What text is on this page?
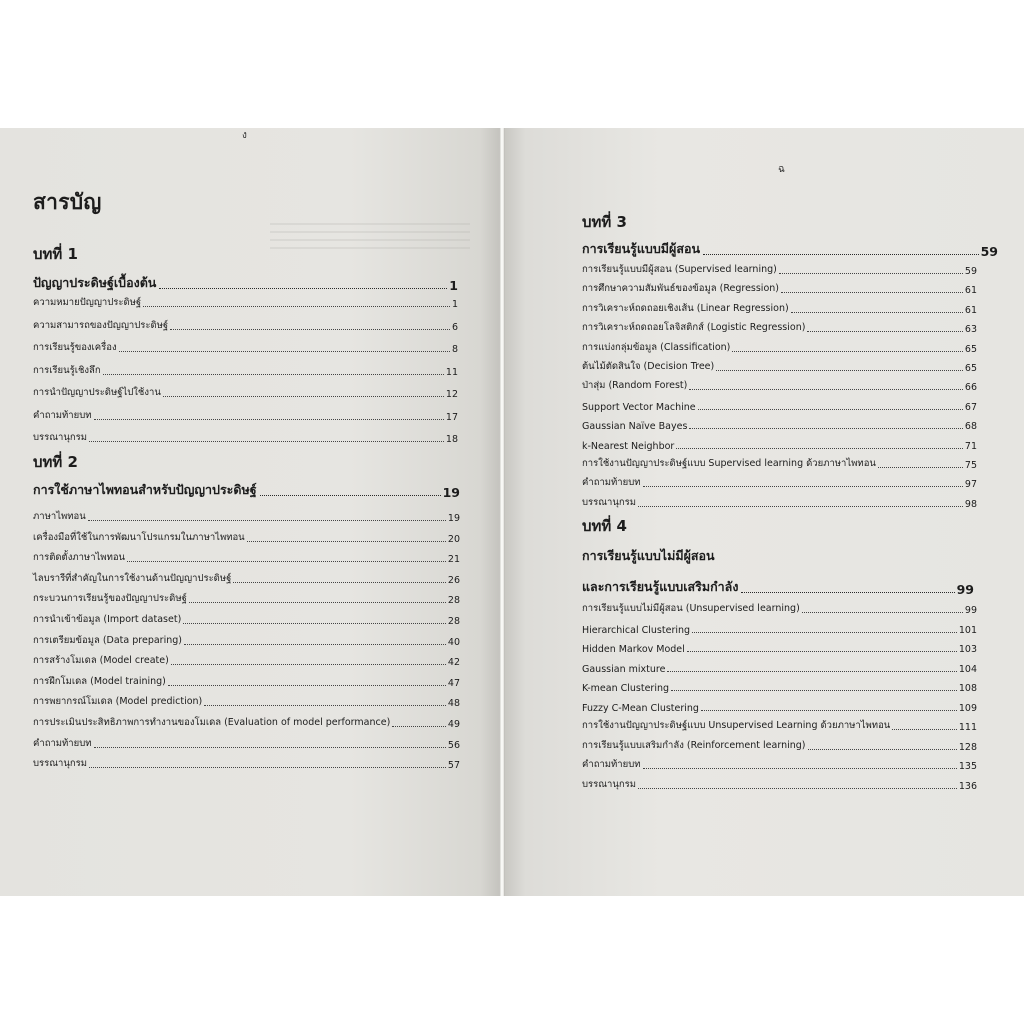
ง
สารบัญ
บทที่ 1
ปัญญาประดิษฐ์เบื้องต้น	1
ความหมายปัญญาประดิษฐ์	1
ความสามารถของปัญญาประดิษฐ์	6
การเรียนรู้ของเครื่อง	8
การเรียนรู้เชิงลึก	11
การนำปัญญาประดิษฐ์ไปใช้งาน	12
คำถามท้ายบท	17
บรรณานุกรม	18
บทที่ 2
การใช้ภาษาไพทอนสำหรับปัญญาประดิษฐ์	19
ภาษาไพทอน	19
เครื่องมือที่ใช้ในการพัฒนาโปรแกรมในภาษาไพทอน	20
การติดตั้งภาษาไพทอน	21
ไลบรารีที่สำคัญในการใช้งานด้านปัญญาประดิษฐ์	26
กระบวนการเรียนรู้ของปัญญาประดิษฐ์	28
การนำเข้าข้อมูล (Import dataset)	28
การเตรียมข้อมูล (Data preparing)	40
การสร้างโมเดล (Model create)	42
การฝึกโมเดล (Model training)	47
การพยากรณ์โมเดล (Model prediction)	48
การประเมินประสิทธิภาพการทำงานของโมเดล (Evaluation of model performance)	49
คำถามท้ายบท	56
บรรณานุกรม	57
ฉ
บทที่ 3
การเรียนรู้แบบมีผู้สอน	59
การเรียนรู้แบบมีผู้สอน (Supervised learning)	59
การศึกษาความสัมพันธ์ของข้อมูล (Regression)	61
การวิเคราะห์ถดถอยเชิงเส้น (Linear Regression)	61
การวิเคราะห์ถดถอยโลจิสติกส์ (Logistic Regression)	63
การแบ่งกลุ่มข้อมูล (Classification)	65
ต้นไม้ตัดสินใจ (Decision Tree)	65
ป่าสุ่ม (Random Forest)	66
Support Vector Machine	67
Gaussian Naïve Bayes	68
k-Nearest Neighbor	71
การใช้งานปัญญาประดิษฐ์แบบ Supervised learning ด้วยภาษาไพทอน	75
คำถามท้ายบท	97
บรรณานุกรม	98
บทที่ 4
การเรียนรู้แบบไม่มีผู้สอน
และการเรียนรู้แบบเสริมกำลัง	99
การเรียนรู้แบบไม่มีผู้สอน (Unsupervised learning)	99
Hierarchical Clustering	101
Hidden Markov Model	103
Gaussian mixture	104
K-mean Clustering	108
Fuzzy C-Mean Clustering	109
การใช้งานปัญญาประดิษฐ์แบบ Unsupervised Learning ด้วยภาษาไพทอน	111
การเรียนรู้แบบเสริมกำลัง (Reinforcement learning)	128
คำถามท้ายบท	135
บรรณานุกรม	136
